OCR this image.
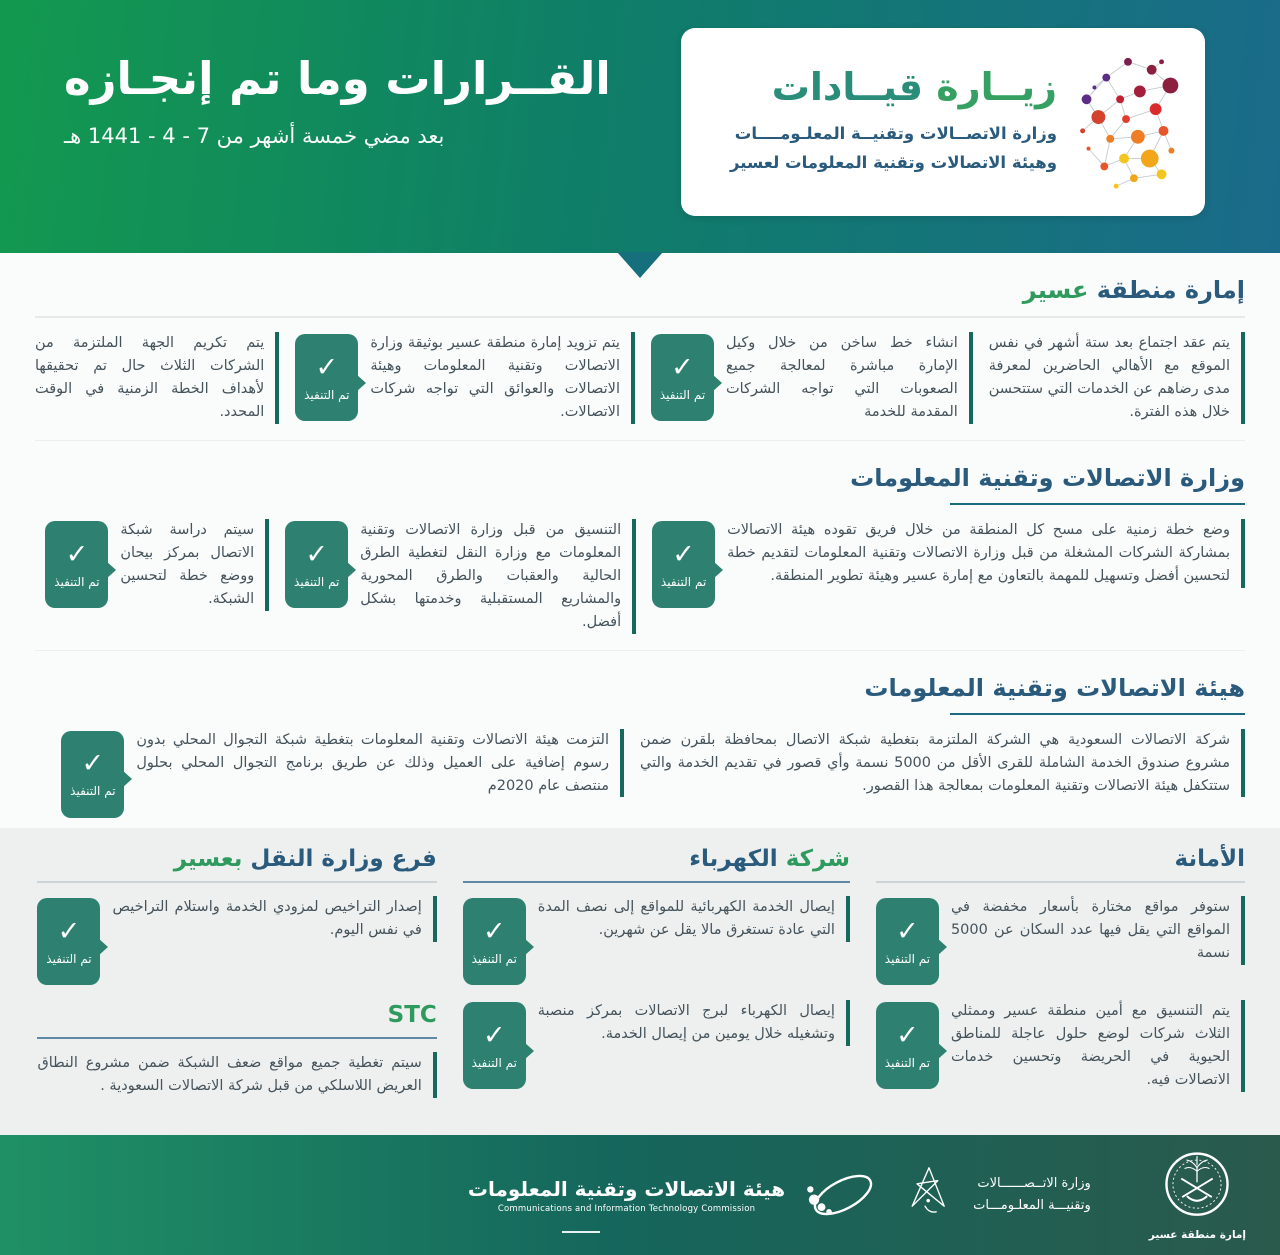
القــرارات وما تم إنجـازه
بعد مضي خمسة أشهر من 7 - 4 - 1441 هـ
زيــارة قيــادات
وزارة الاتصــالات وتقنيــة المعلـومــــات
وهيئة الاتصالات وتقنية المعلومات لعسير
إمارة منطقة عسير

يتم عقد اجتماع بعد ستة أشهر في نفس الموقع مع الأهالي الحاضرين لمعرفة مدى رضاهم عن الخدمات التي ستتحسن خلال هذه الفترة.

انشاء خط ساخن من خلال وكيل الإمارة مباشرة لمعالجة جميع الصعوبات التي تواجه الشركات المقدمة للخدمة

✓
تم التنفيذ

يتم تزويد إمارة منطقة عسير بوثيقة وزارة الاتصالات وتقنية المعلومات وهيئة الاتصالات والعوائق التي تواجه شركات الاتصالات.

✓
تم التنفيذ

يتم تكريم الجهة الملتزمة من الشركات الثلاث حال تم تحقيقها لأهداف الخطة الزمنية في الوقت المحدد.

وزارة الاتصالات وتقنية المعلومات

وضع خطة زمنية على مسح كل المنطقة من خلال فريق تقوده هيئة الاتصالات بمشاركة الشركات المشغلة من قبل وزارة الاتصالات وتقنية المعلومات لتقديم خطة لتحسين أفضل وتسهيل للمهمة بالتعاون مع إمارة عسير وهيئة تطوير المنطقة.

✓
تم التنفيذ

التنسيق من قبل وزارة الاتصالات وتقنية المعلومات مع وزارة النقل لتغطية الطرق الحالية والعقبات والطرق المحورية والمشاريع المستقبلية وخدمتها بشكل أفضل.

✓
تم التنفيذ

سيتم دراسة شبكة الاتصال بمركز بيحان ووضع خطة لتحسين الشبكة.

✓
تم التنفيذ
هيئة الاتصالات وتقنية المعلومات

شركة الاتصالات السعودية هي الشركة الملتزمة بتغطية شبكة الاتصال بمحافظة بلقرن ضمن مشروع صندوق الخدمة الشاملة للقرى الأقل من 5000 نسمة وأي قصور في تقديم الخدمة والتي ستتكفل هيئة الاتصالات وتقنية المعلومات بمعالجة هذا القصور.

التزمت هيئة الاتصالات وتقنية المعلومات بتغطية شبكة التجوال المحلي بدون رسوم إضافية على العميل وذلك عن طريق برنامج التجوال المحلي بحلول منتصف عام 2020م

✓
تم التنفيذ
الأمانة

ستوفر مواقع مختارة بأسعار مخفضة في المواقع التي يقل فيها عدد السكان عن 5000 نسمة

✓
تم التنفيذ

يتم التنسيق مع أمين منطقة عسير وممثلي الثلاث شركات لوضع حلول عاجلة للمناطق الحيوية في الحريضة وتحسين خدمات الاتصالات فيه.

✓
تم التنفيذ
شركة الكهرباء

إيصال الخدمة الكهربائية للمواقع إلى نصف المدة التي عادة تستغرق مالا يقل عن شهرين.

✓
تم التنفيذ

إيصال الكهرباء لبرج الاتصالات بمركز منصبة وتشغيله خلال يومين من إيصال الخدمة.

✓
تم التنفيذ
فرع وزارة النقل بعسير

إصدار التراخيص لمزودي الخدمة واستلام التراخيص في نفس اليوم.

✓
تم التنفيذ
STC

سيتم تغطية جميع مواقع ضعف الشبكة ضمن مشروع النطاق العريض اللاسلكي من قبل شركة الاتصالات السعودية .

هيئة الاتصالات وتقنية المعلومات
Communications and Information Technology Commission
وزارة الاتــصــــــالات
وتقنيـــة المعلـومـــات
إمارة منطقة عسير
